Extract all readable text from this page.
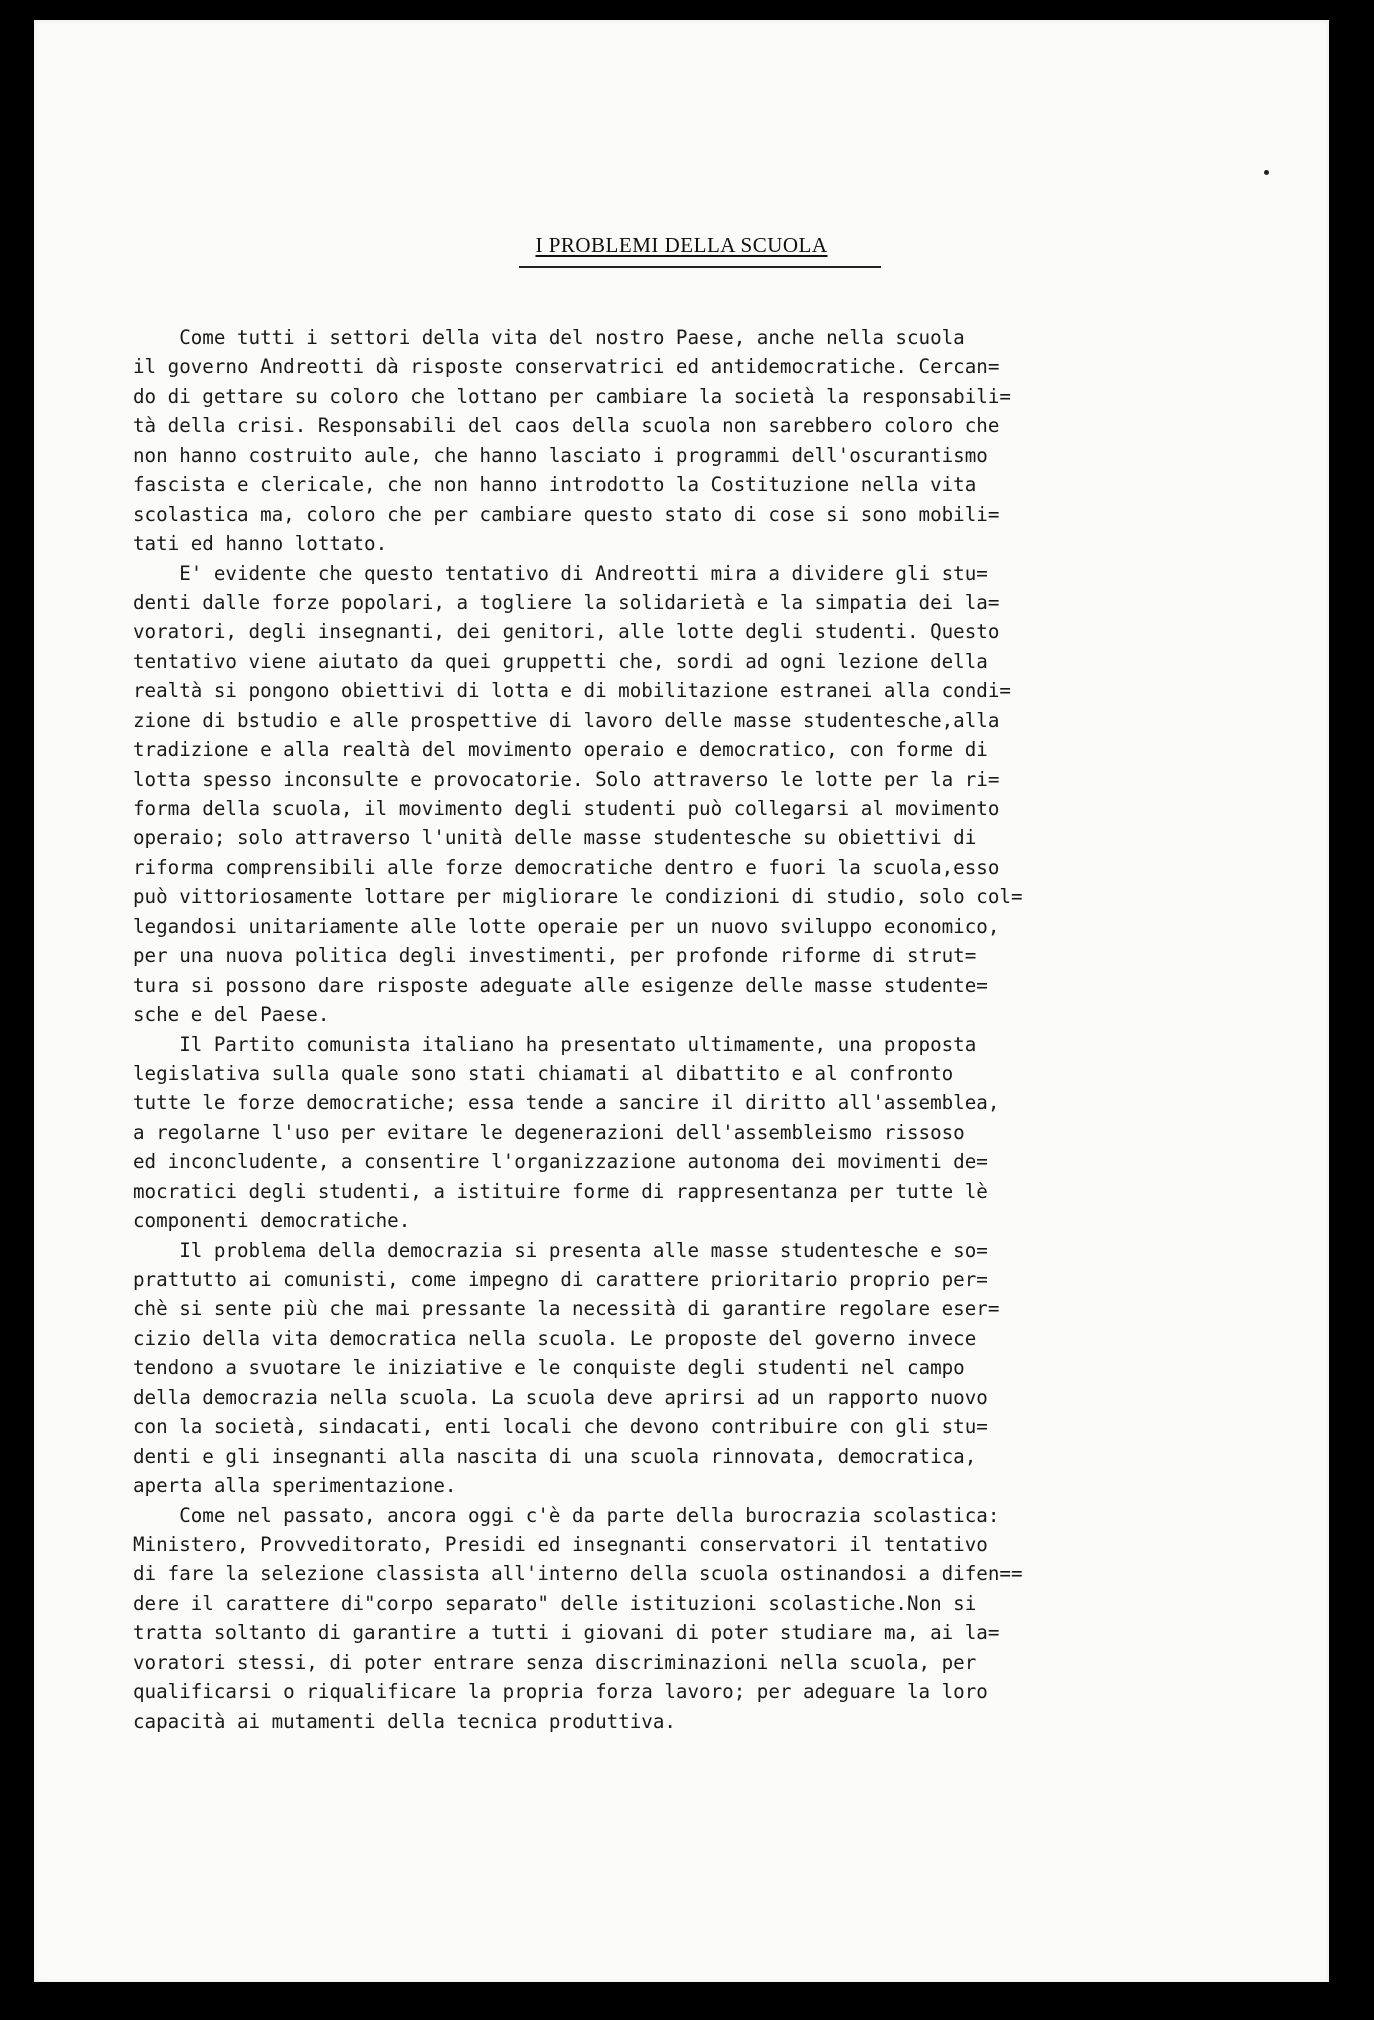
I PROBLEMI DELLA SCUOLA
Come tutti i settori della vita del nostro Paese, anche nella scuola
il governo Andreotti dà risposte conservatrici ed antidemocratiche. Cercan=
do di gettare su coloro che lottano per cambiare la società la responsabili=
tà della crisi. Responsabili del caos della scuola non sarebbero coloro che
non hanno costruito aule, che hanno lasciato i programmi dell'oscurantismo
fascista e clericale, che non hanno introdotto la Costituzione nella vita
scolastica ma, coloro che per cambiare questo stato di cose si sono mobili=
tati ed hanno lottato.
E' evidente che questo tentativo di Andreotti mira a dividere gli stu=
denti dalle forze popolari, a togliere la solidarietà e la simpatia dei la=
voratori, degli insegnanti, dei genitori, alle lotte degli studenti. Questo
tentativo viene aiutato da quei gruppetti che, sordi ad ogni lezione della
realtà si pongono obiettivi di lotta e di mobilitazione estranei alla condi=
zione di bstudio e alle prospettive di lavoro delle masse studentesche,alla
tradizione e alla realtà del movimento operaio e democratico, con forme di
lotta spesso inconsulte e provocatorie. Solo attraverso le lotte per la ri=
forma della scuola, il movimento degli studenti può collegarsi al movimento
operaio; solo attraverso l'unità delle masse studentesche su obiettivi di
riforma comprensibili alle forze democratiche dentro e fuori la scuola,esso
può vittoriosamente lottare per migliorare le condizioni di studio, solo col=
legandosi unitariamente alle lotte operaie per un nuovo sviluppo economico,
per una nuova politica degli investimenti, per profonde riforme di strut=
tura si possono dare risposte adeguate alle esigenze delle masse studente=
sche e del Paese.
Il Partito comunista italiano ha presentato ultimamente, una proposta
legislativa sulla quale sono stati chiamati al dibattito e al confronto
tutte le forze democratiche; essa tende a sancire il diritto all'assemblea,
a regolarne l'uso per evitare le degenerazioni dell'assembleismo rissoso
ed inconcludente, a consentire l'organizzazione autonoma dei movimenti de=
mocratici degli studenti, a istituire forme di rappresentanza per tutte lè
componenti democratiche.
Il problema della democrazia si presenta alle masse studentesche e so=
prattutto ai comunisti, come impegno di carattere prioritario proprio per=
chè si sente più che mai pressante la necessità di garantire regolare eser=
cizio della vita democratica nella scuola. Le proposte del governo invece
tendono a svuotare le iniziative e le conquiste degli studenti nel campo
della democrazia nella scuola. La scuola deve aprirsi ad un rapporto nuovo
con la società, sindacati, enti locali che devono contribuire con gli stu=
denti e gli insegnanti alla nascita di una scuola rinnovata, democratica,
aperta alla sperimentazione.
Come nel passato, ancora oggi c'è da parte della burocrazia scolastica:
Ministero, Provveditorato, Presidi ed insegnanti conservatori il tentativo
di fare la selezione classista all'interno della scuola ostinandosi a difen==
dere il carattere di"corpo separato" delle istituzioni scolastiche.Non si
tratta soltanto di garantire a tutti i giovani di poter studiare ma, ai la=
voratori stessi, di poter entrare senza discriminazioni nella scuola, per
qualificarsi o riqualificare la propria forza lavoro; per adeguare la loro
capacità ai mutamenti della tecnica produttiva.
